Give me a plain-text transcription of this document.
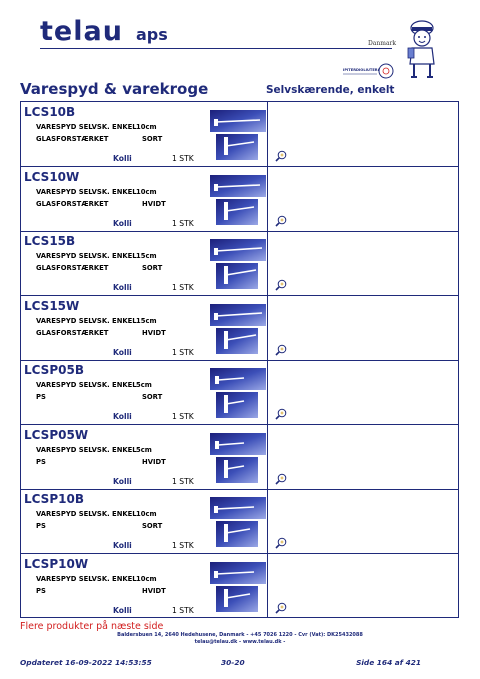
telau aps	Danmark
IPITERDIOLIUTERI
Varespyd & varekroge	Selvskærende, enkelt
LCS10B
VARESPYD SELVSK. ENKEL10cm
GLASFORSTÆRKET	SORT
Kolli	1 STK
LCS10W
VARESPYD SELVSK. ENKEL10cm
GLASFORSTÆRKET	HVIDT
Kolli	1 STK
LCS15B
VARESPYD SELVSK. ENKEL15cm
GLASFORSTÆRKET	SORT
Kolli	1 STK
LCS15W
VARESPYD SELVSK. ENKEL15cm
GLASFORSTÆRKET	HVIDT
Kolli	1 STK
LCSP05B
VARESPYD SELVSK. ENKEL5cm
PS	SORT
Kolli	1 STK
LCSP05W
VARESPYD SELVSK. ENKEL5cm
PS	HVIDT
Kolli	1 STK
LCSP10B
VARESPYD SELVSK. ENKEL10cm
PS	SORT
Kolli	1 STK
LCSP10W
VARESPYD SELVSK. ENKEL10cm
PS	HVIDT
Kolli	1 STK
Flere produkter på næste side
Baldersbuen 14, 2640 Hedehusene, Danmark - +45 7026 1220 - Cvr (Vat): DK25432088
telau@telau.dk - www.telau.dk -
Opdateret 16-09-2022 14:53:55	30-20	Side 164 af 421
